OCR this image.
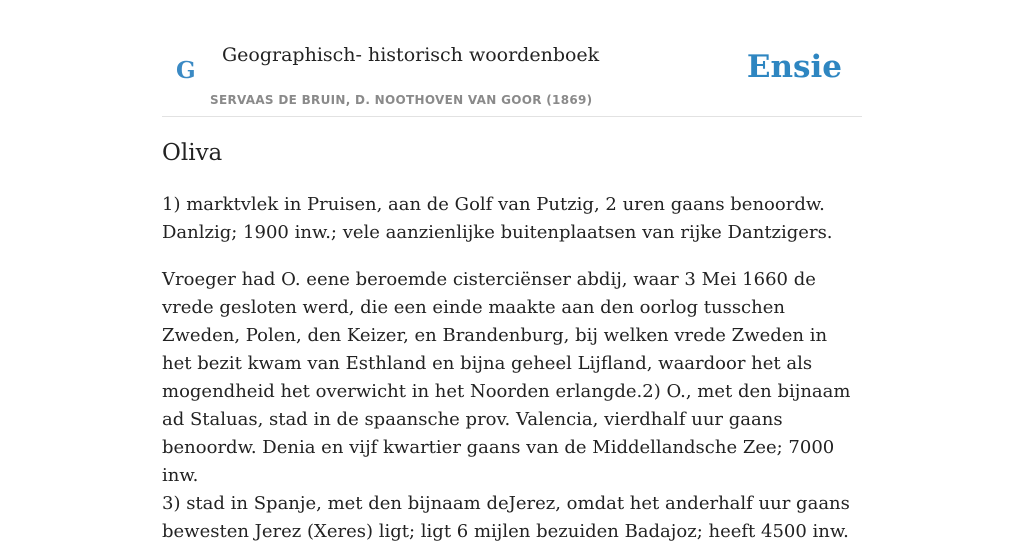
G
Geographisch- historisch woordenboek
SERVAAS DE BRUIN, D. NOOTHOVEN VAN GOOR (1869)
Ensie
Oliva

1) marktvlek in Pruisen, aan de Golf van Putzig, 2 uren gaans benoordw. Danlzig; 1900 inw.; vele aanzienlijke buitenplaatsen van rijke Dantzigers.

Vroeger had O. eene beroemde cisterciënser abdij, waar 3 Mei 1660 de vrede gesloten werd, die een einde maakte aan den oorlog tusschen Zweden, Polen, den Keizer, en Brandenburg, bij welken vrede Zweden in het bezit kwam van Esthland en bijna geheel Lijfland, waardoor het als mogendheid het overwicht in het Noorden erlangde.2) O., met den bijnaam ad Staluas, stad in de spaansche prov. Valencia, vierdhalf uur gaans benoordw. Denia en vijf kwartier gaans van de Middellandsche Zee; 7000 inw.

3) stad in Spanje, met den bijnaam deJerez, omdat het anderhalf uur gaans bewesten Jerez (Xeres) ligt; ligt 6 mijlen bezuiden Badajoz; heeft 4500 inw.
